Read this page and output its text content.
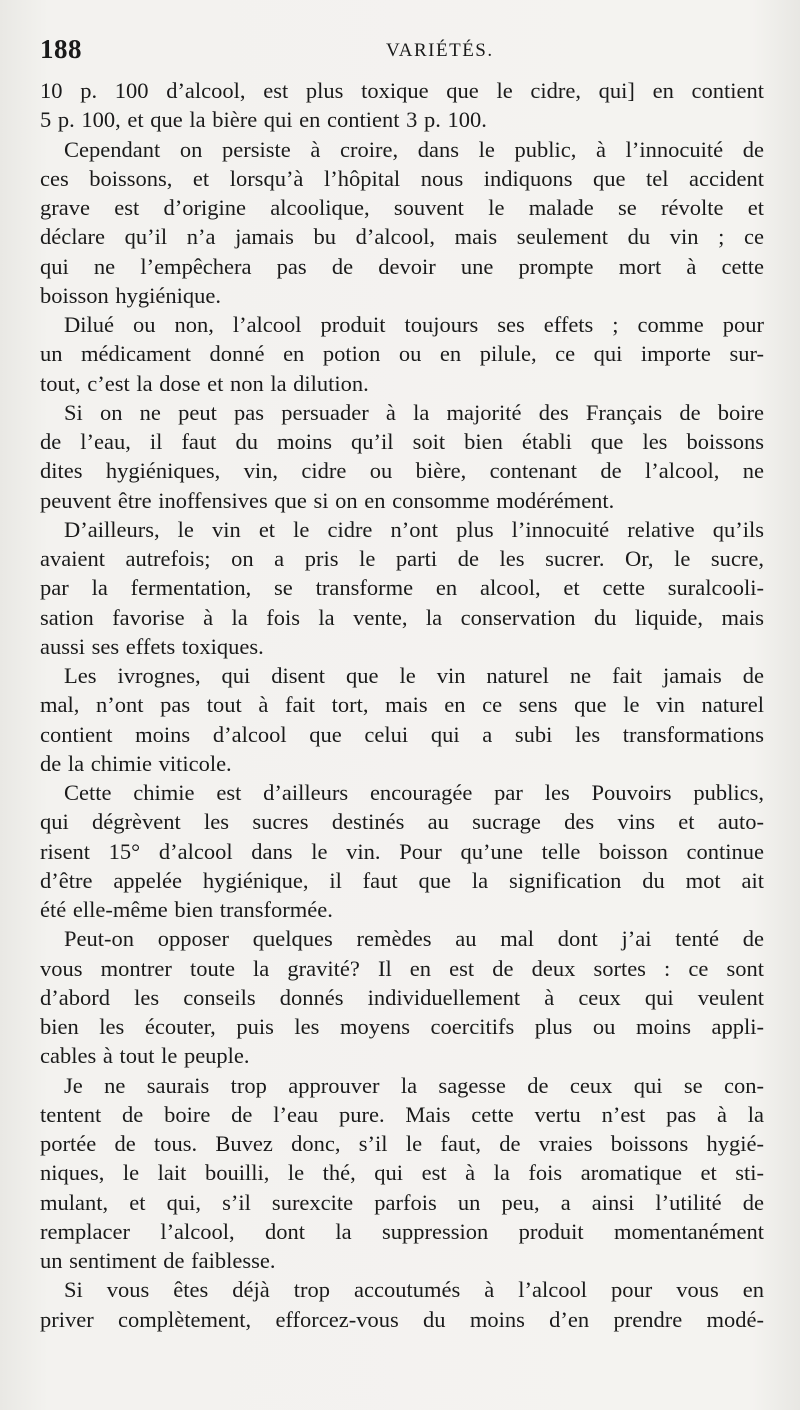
188	VARIÉTÉS.
10 p. 100 d’alcool, est plus toxique que le cidre, qui] en contient
5 p. 100, et que la bière qui en contient 3 p. 100.
Cependant on persiste à croire, dans le public, à l’innocuité de
ces boissons, et lorsqu’à l’hôpital nous indiquons que tel accident
grave est d’origine alcoolique, souvent le malade se révolte et
déclare qu’il n’a jamais bu d’alcool, mais seulement du vin ; ce
qui ne l’empêchera pas de devoir une prompte mort à cette
boisson hygiénique.
Dilué ou non, l’alcool produit toujours ses effets ; comme pour
un médicament donné en potion ou en pilule, ce qui importe sur-
tout, c’est la dose et non la dilution.
Si on ne peut pas persuader à la majorité des Français de boire
de l’eau, il faut du moins qu’il soit bien établi que les boissons
dites hygiéniques, vin, cidre ou bière, contenant de l’alcool, ne
peuvent être inoffensives que si on en consomme modérément.
D’ailleurs, le vin et le cidre n’ont plus l’innocuité relative qu’ils
avaient autrefois; on a pris le parti de les sucrer. Or, le sucre,
par la fermentation, se transforme en alcool, et cette suralcooli-
sation favorise à la fois la vente, la conservation du liquide, mais
aussi ses effets toxiques.
Les ivrognes, qui disent que le vin naturel ne fait jamais de
mal, n’ont pas tout à fait tort, mais en ce sens que le vin naturel
contient moins d’alcool que celui qui a subi les transformations
de la chimie viticole.
Cette chimie est d’ailleurs encouragée par les Pouvoirs publics,
qui dégrèvent les sucres destinés au sucrage des vins et auto-
risent 15° d’alcool dans le vin. Pour qu’une telle boisson continue
d’être appelée hygiénique, il faut que la signification du mot ait
été elle-même bien transformée.
Peut-on opposer quelques remèdes au mal dont j’ai tenté de
vous montrer toute la gravité? Il en est de deux sortes : ce sont
d’abord les conseils donnés individuellement à ceux qui veulent
bien les écouter, puis les moyens coercitifs plus ou moins appli-
cables à tout le peuple.
Je ne saurais trop approuver la sagesse de ceux qui se con-
tentent de boire de l’eau pure. Mais cette vertu n’est pas à la
portée de tous. Buvez donc, s’il le faut, de vraies boissons hygié-
niques, le lait bouilli, le thé, qui est à la fois aromatique et sti-
mulant, et qui, s’il surexcite parfois un peu, a ainsi l’utilité de
remplacer l’alcool, dont la suppression produit momentanément
un sentiment de faiblesse.
Si vous êtes déjà trop accoutumés à l’alcool pour vous en
priver complètement, efforcez-vous du moins d’en prendre modé-
